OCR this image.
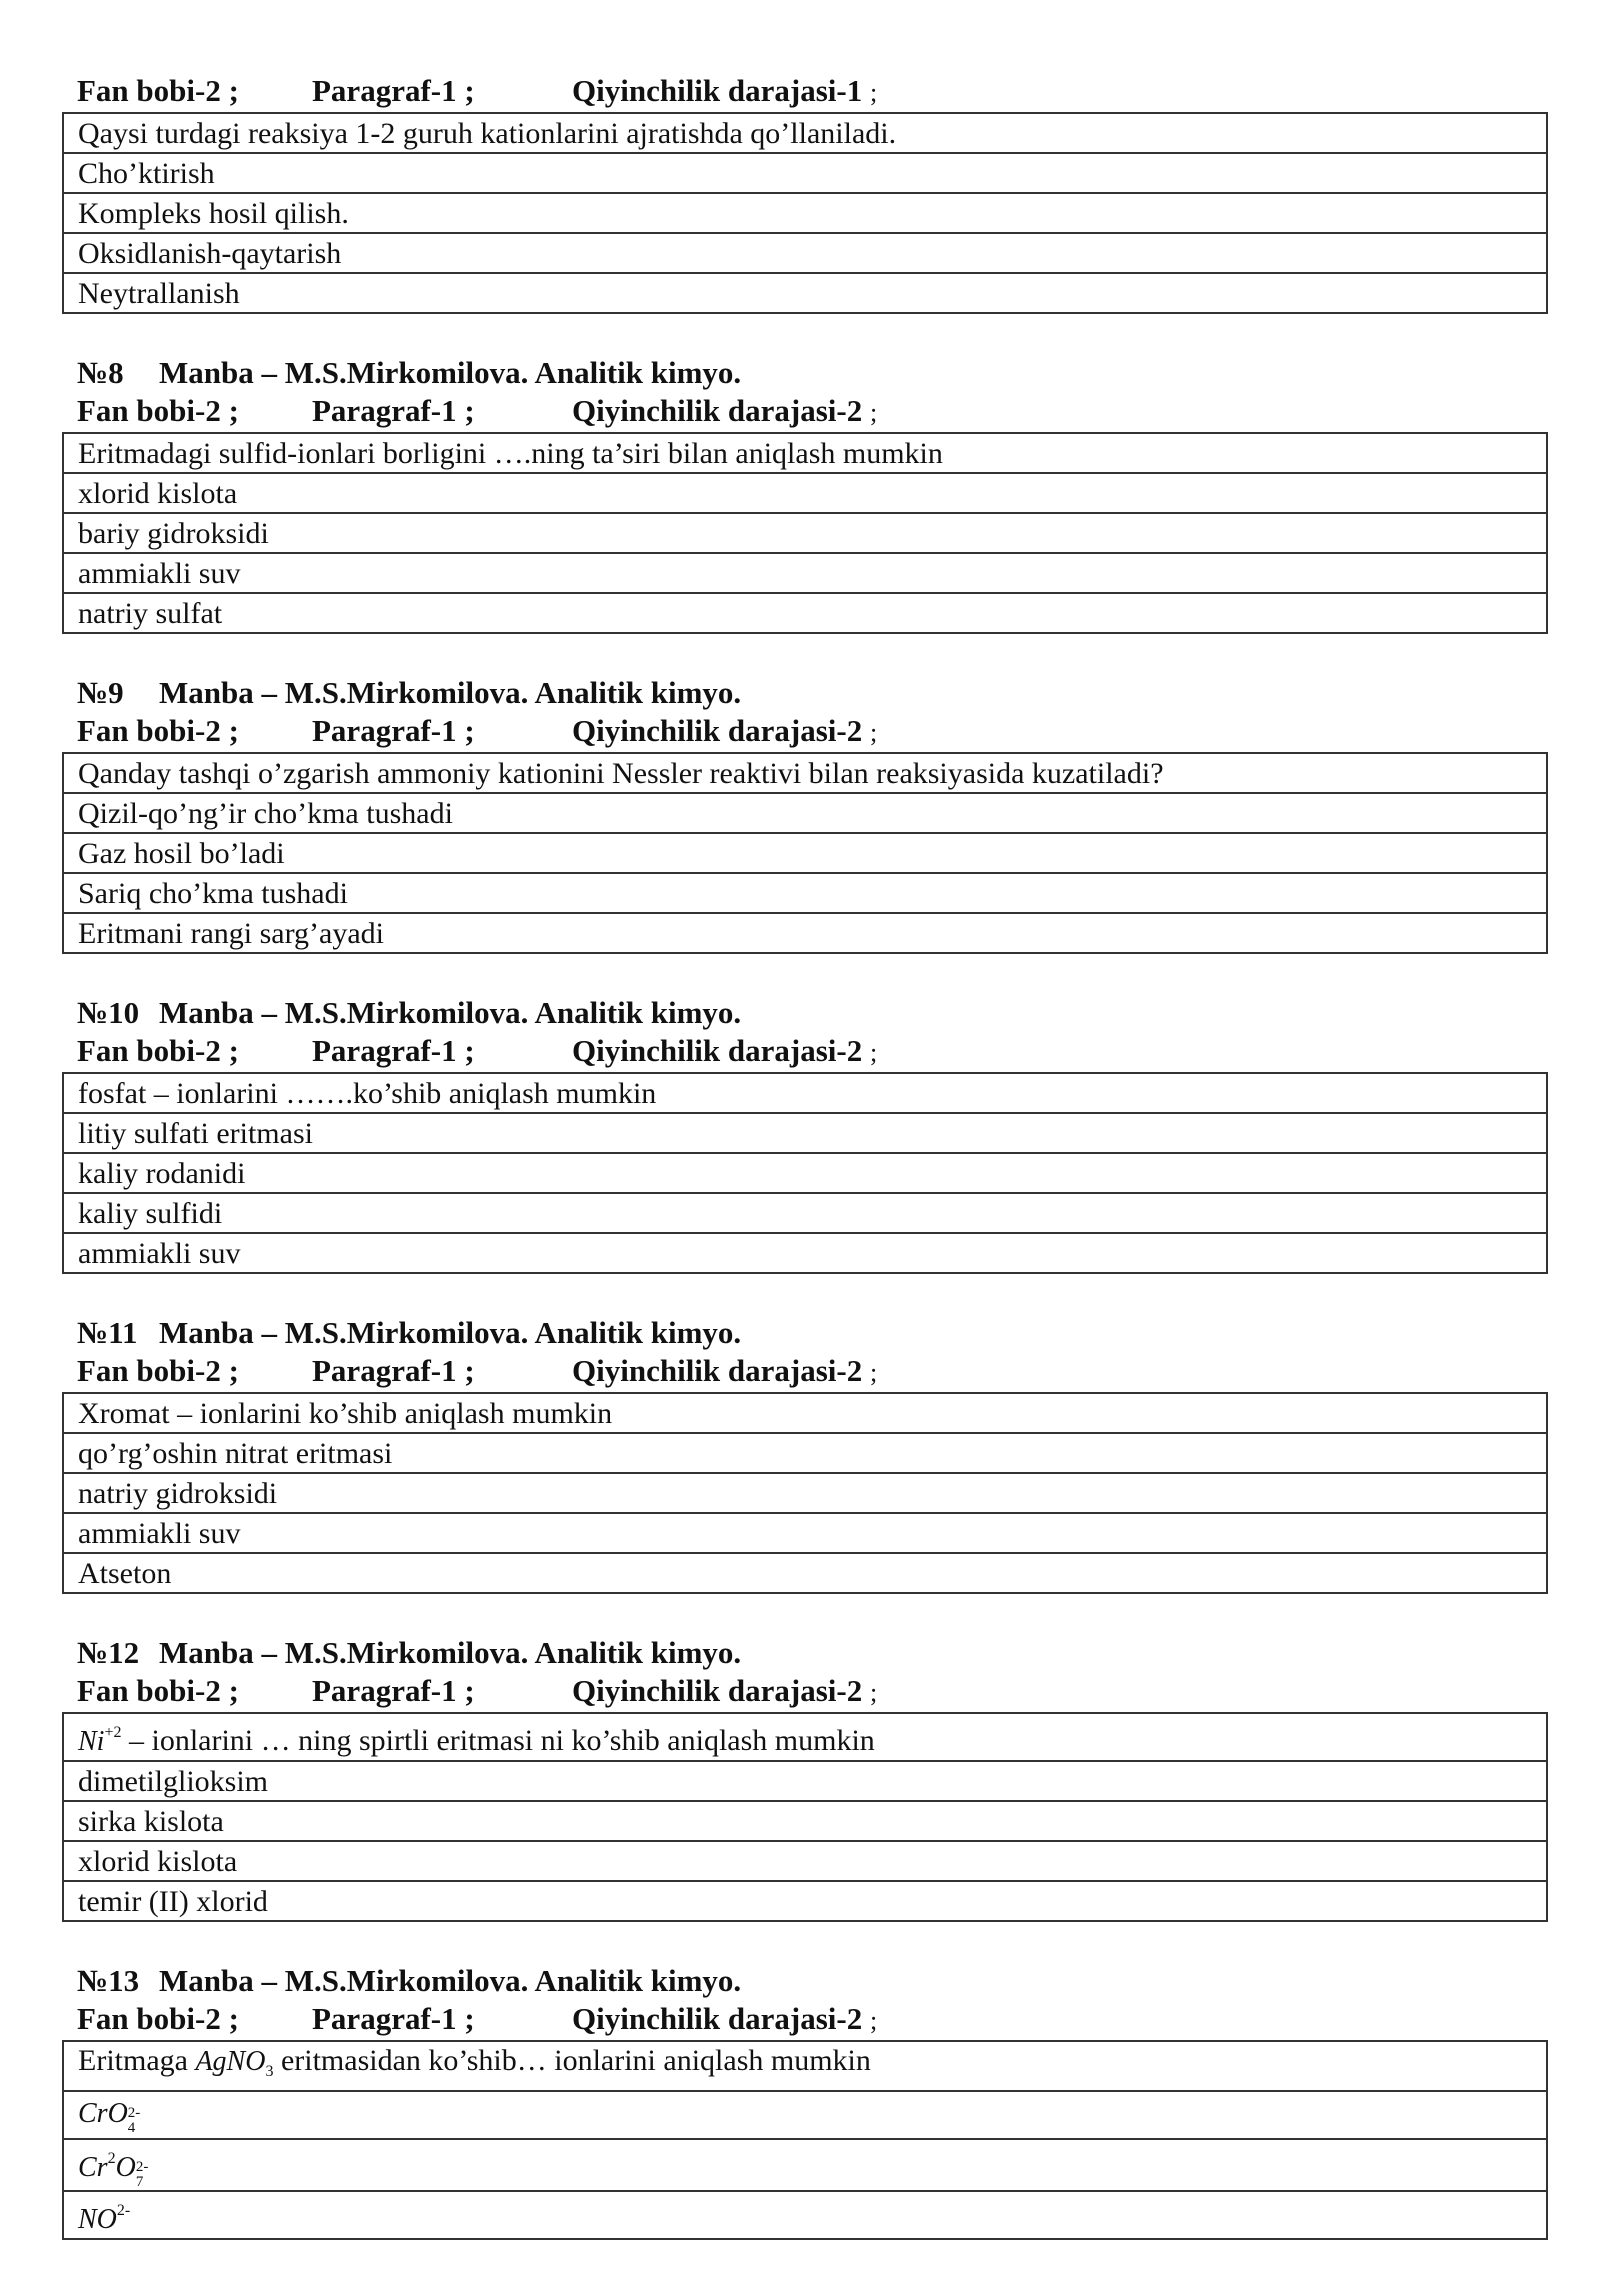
Fan bobi-2 ; Paragraf-1 ;	Qiyinchilik darajasi-1 ;
Qaysi turdagi reaksiya 1-2 guruh kationlarini ajratishda qo’llaniladi.
Cho’ktirish
Kompleks hosil qilish.
Oksidlanish-qaytarish
Neytrallanish
№8 Manba – M.S.Mirkomilova. Analitik kimyo.
Fan bobi-2 ; Paragraf-1 ;	Qiyinchilik darajasi-2 ;
Eritmadagi sulfid-ionlari borligini ….ning ta’siri bilan aniqlash mumkin
xlorid kislota
bariy gidroksidi
ammiakli suv
natriy sulfat
№9 Manba – M.S.Mirkomilova. Analitik kimyo.
Fan bobi-2 ; Paragraf-1 ;	Qiyinchilik darajasi-2 ;
Qanday tashqi o’zgarish ammoniy kationini Nessler reaktivi bilan reaksiyasida kuzatiladi?
Qizil-qo’ng’ir cho’kma tushadi
Gaz hosil bo’ladi
Sariq cho’kma tushadi
Eritmani rangi sarg’ayadi
№10 Manba – M.S.Mirkomilova. Analitik kimyo.
Fan bobi-2 ; Paragraf-1 ;	Qiyinchilik darajasi-2 ;
fosfat – ionlarini …….ko’shib aniqlash mumkin
litiy sulfati eritmasi
kaliy rodanidi
kaliy sulfidi
ammiakli suv
№11 Manba – M.S.Mirkomilova. Analitik kimyo.
Fan bobi-2 ; Paragraf-1 ;	Qiyinchilik darajasi-2 ;
Xromat – ionlarini ko’shib aniqlash mumkin
qo’rg’oshin nitrat eritmasi
natriy gidroksidi
ammiakli suv
Atseton
№12 Manba – M.S.Mirkomilova. Analitik kimyo.
Fan bobi-2 ; Paragraf-1 ;	Qiyinchilik darajasi-2 ;
$Ni^{+2}$ – ionlarini … ning spirtli eritmasi ni ko’shib aniqlash mumkin
dimetilglioksim
sirka kislota
xlorid kislota
temir (II) xlorid
№13 Manba – M.S.Mirkomilova. Analitik kimyo.
Fan bobi-2 ; Paragraf-1 ;	Qiyinchilik darajasi-2 ;
Eritmaga AgNO$_3$ eritmasidan ko’shib… ionlarini aniqlash mumkin
CrO 2-
4

Cr$^2$O 2-
7

$NO^{2-}$
